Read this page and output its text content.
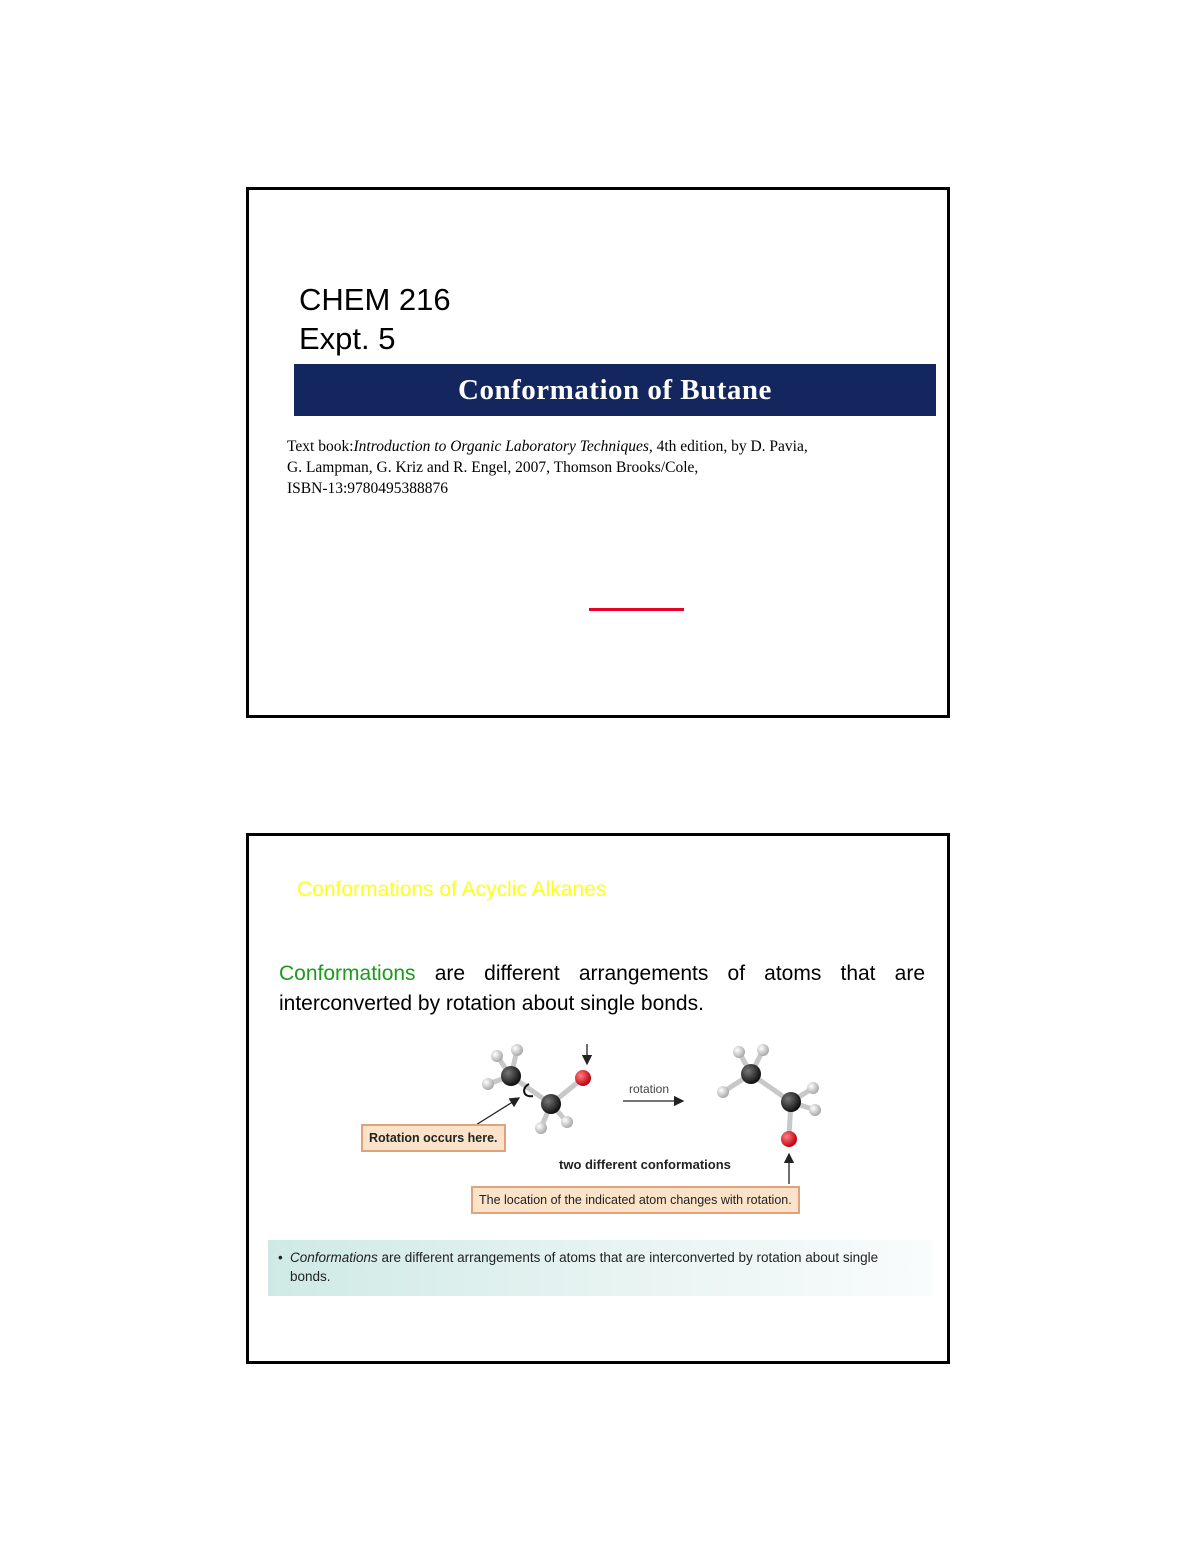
CHEM 216
Expt. 5
Conformation of Butane
Text book:Introduction to Organic Laboratory Techniques, 4th edition, by D. Pavia,
G. Lampman, G. Kriz and R. Engel, 2007, Thomson Brooks/Cole,
ISBN-13:9780495388876
Conformations of Acyclic Alkanes
Conformations are different arrangements of atoms that are interconverted by rotation about single bonds.
rotation
Rotation occurs here.
two different conformations
The location of the indicated atom changes with rotation.
• Conformations are different arrangements of atoms that are interconverted by rotation about single bonds.
